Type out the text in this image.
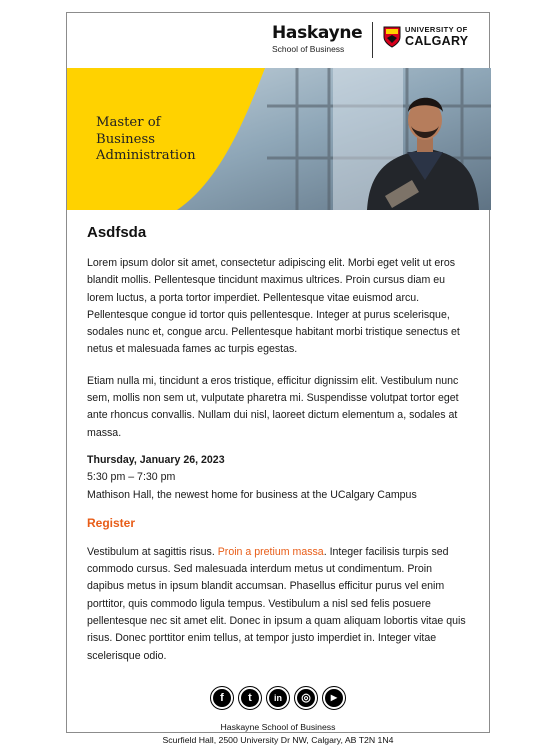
Haskayne
School of Business
UNIVERSITY OF
CALGARY
Master of
Business
Administration
Asdfsda

Lorem ipsum dolor sit amet, consectetur adipiscing elit. Morbi eget velit ut eros blandit mollis. Pellentesque tincidunt maximus ultrices. Proin cursus diam eu lorem luctus, a porta tortor imperdiet. Pellentesque vitae euismod arcu. Pellentesque congue id tortor quis pellentesque. Integer at purus scelerisque, sodales nunc et, congue arcu. Pellentesque habitant morbi tristique senectus et netus et malesuada fames ac turpis egestas.

Etiam nulla mi, tincidunt a eros tristique, efficitur dignissim elit. Vestibulum nunc sem, mollis non sem ut, vulputate pharetra mi. Suspendisse volutpat tortor eget ante rhoncus convallis. Nullam dui nisl, laoreet dictum elementum a, sodales at massa.

Thursday, January 26, 2023
5:30 pm – 7:30 pm
Mathison Hall, the newest home for business at the UCalgary Campus
Register

Vestibulum at sagittis risus. Proin a pretium massa. Integer facilisis turpis sed commodo cursus. Sed malesuada interdum metus ut condimentum. Proin dapibus metus in ipsum blandit accumsan. Phasellus efficitur purus vel enim porttitor, quis commodo ligula tempus. Vestibulum a nisl sed felis posuere pellentesque nec sit amet elit. Donec in ipsum a quam aliquam lobortis vitae quis risus. Donec porttitor enim tellus, at tempor justo imperdiet in. Integer vitae scelerisque odio.

f	t	in	◎	▶
Haskayne School of Business
Scurfield Hall, 2500 University Dr NW, Calgary, AB T2N 1N4
